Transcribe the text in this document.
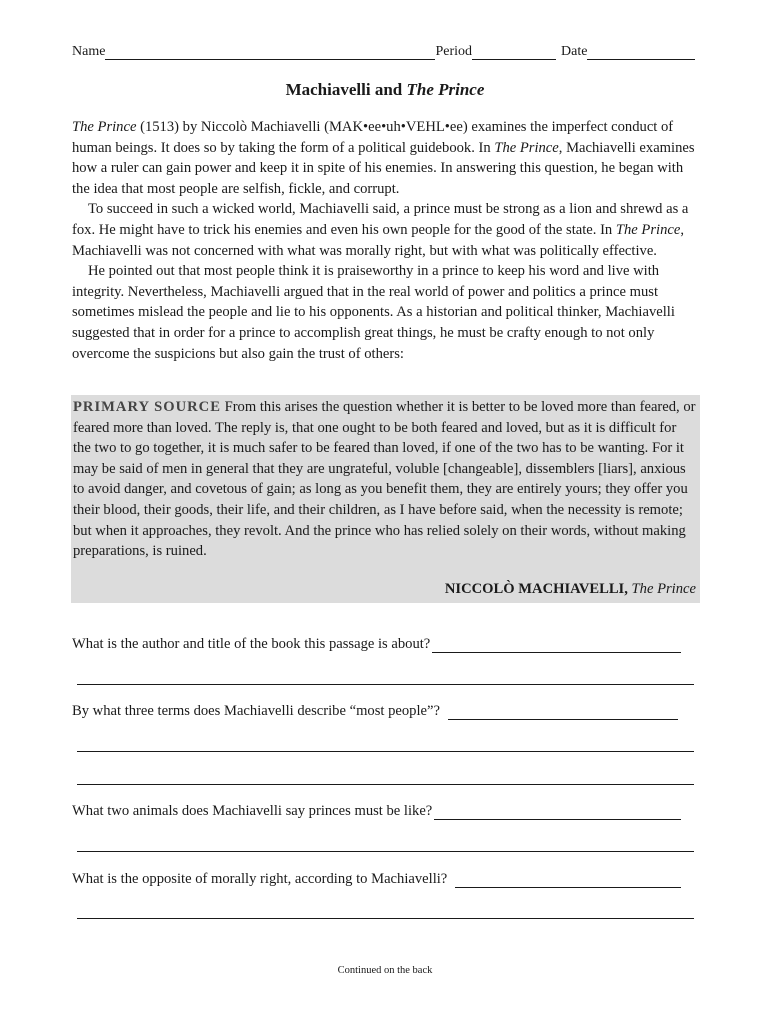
Name	Period	Date
Machiavelli and The Prince

The Prince (1513) by Niccolò Machiavelli (MAK•ee•uh•VEHL•ee) examines the imperfect conduct of human beings. It does so by taking the form of a political guidebook. In The Prince, Machiavelli examines how a ruler can gain power and keep it in spite of his enemies. In answering this question, he began with the idea that most people are selfish, fickle, and corrupt.

To succeed in such a wicked world, Machiavelli said, a prince must be strong as a lion and shrewd as a fox. He might have to trick his enemies and even his own people for the good of the state. In The Prince, Machiavelli was not concerned with what was morally right, but with what was politically effective.

He pointed out that most people think it is praiseworthy in a prince to keep his word and live with integrity. Nevertheless, Machiavelli argued that in the real world of power and politics a prince must sometimes mislead the people and lie to his opponents. As a historian and political thinker, Machiavelli suggested that in order for a prince to accomplish great things, he must be crafty enough to not only overcome the suspicions but also gain the trust of others:

PRIMARY SOURCE From this arises the question whether it is better to be loved more than feared, or feared more than loved. The reply is, that one ought to be both feared and loved, but as it is difficult for the two to go together, it is much safer to be feared than loved, if one of the two has to be wanting. For it may be said of men in general that they are ungrateful, voluble [changeable], dissemblers [liars], anxious to avoid danger, and covetous of gain; as long as you benefit them, they are entirely yours; they offer you their blood, their goods, their life, and their children, as I have before said, when the necessity is remote; but when it approaches, they revolt. And the prince who has relied solely on their words, without making preparations, is ruined.
NICCOLÒ MACHIAVELLI, The Prince
What is the author and title of the book this passage is about?
By what three terms does Machiavelli describe “most people”?
What two animals does Machiavelli say princes must be like?
What is the opposite of morally right, according to Machiavelli?
Continued on the back
